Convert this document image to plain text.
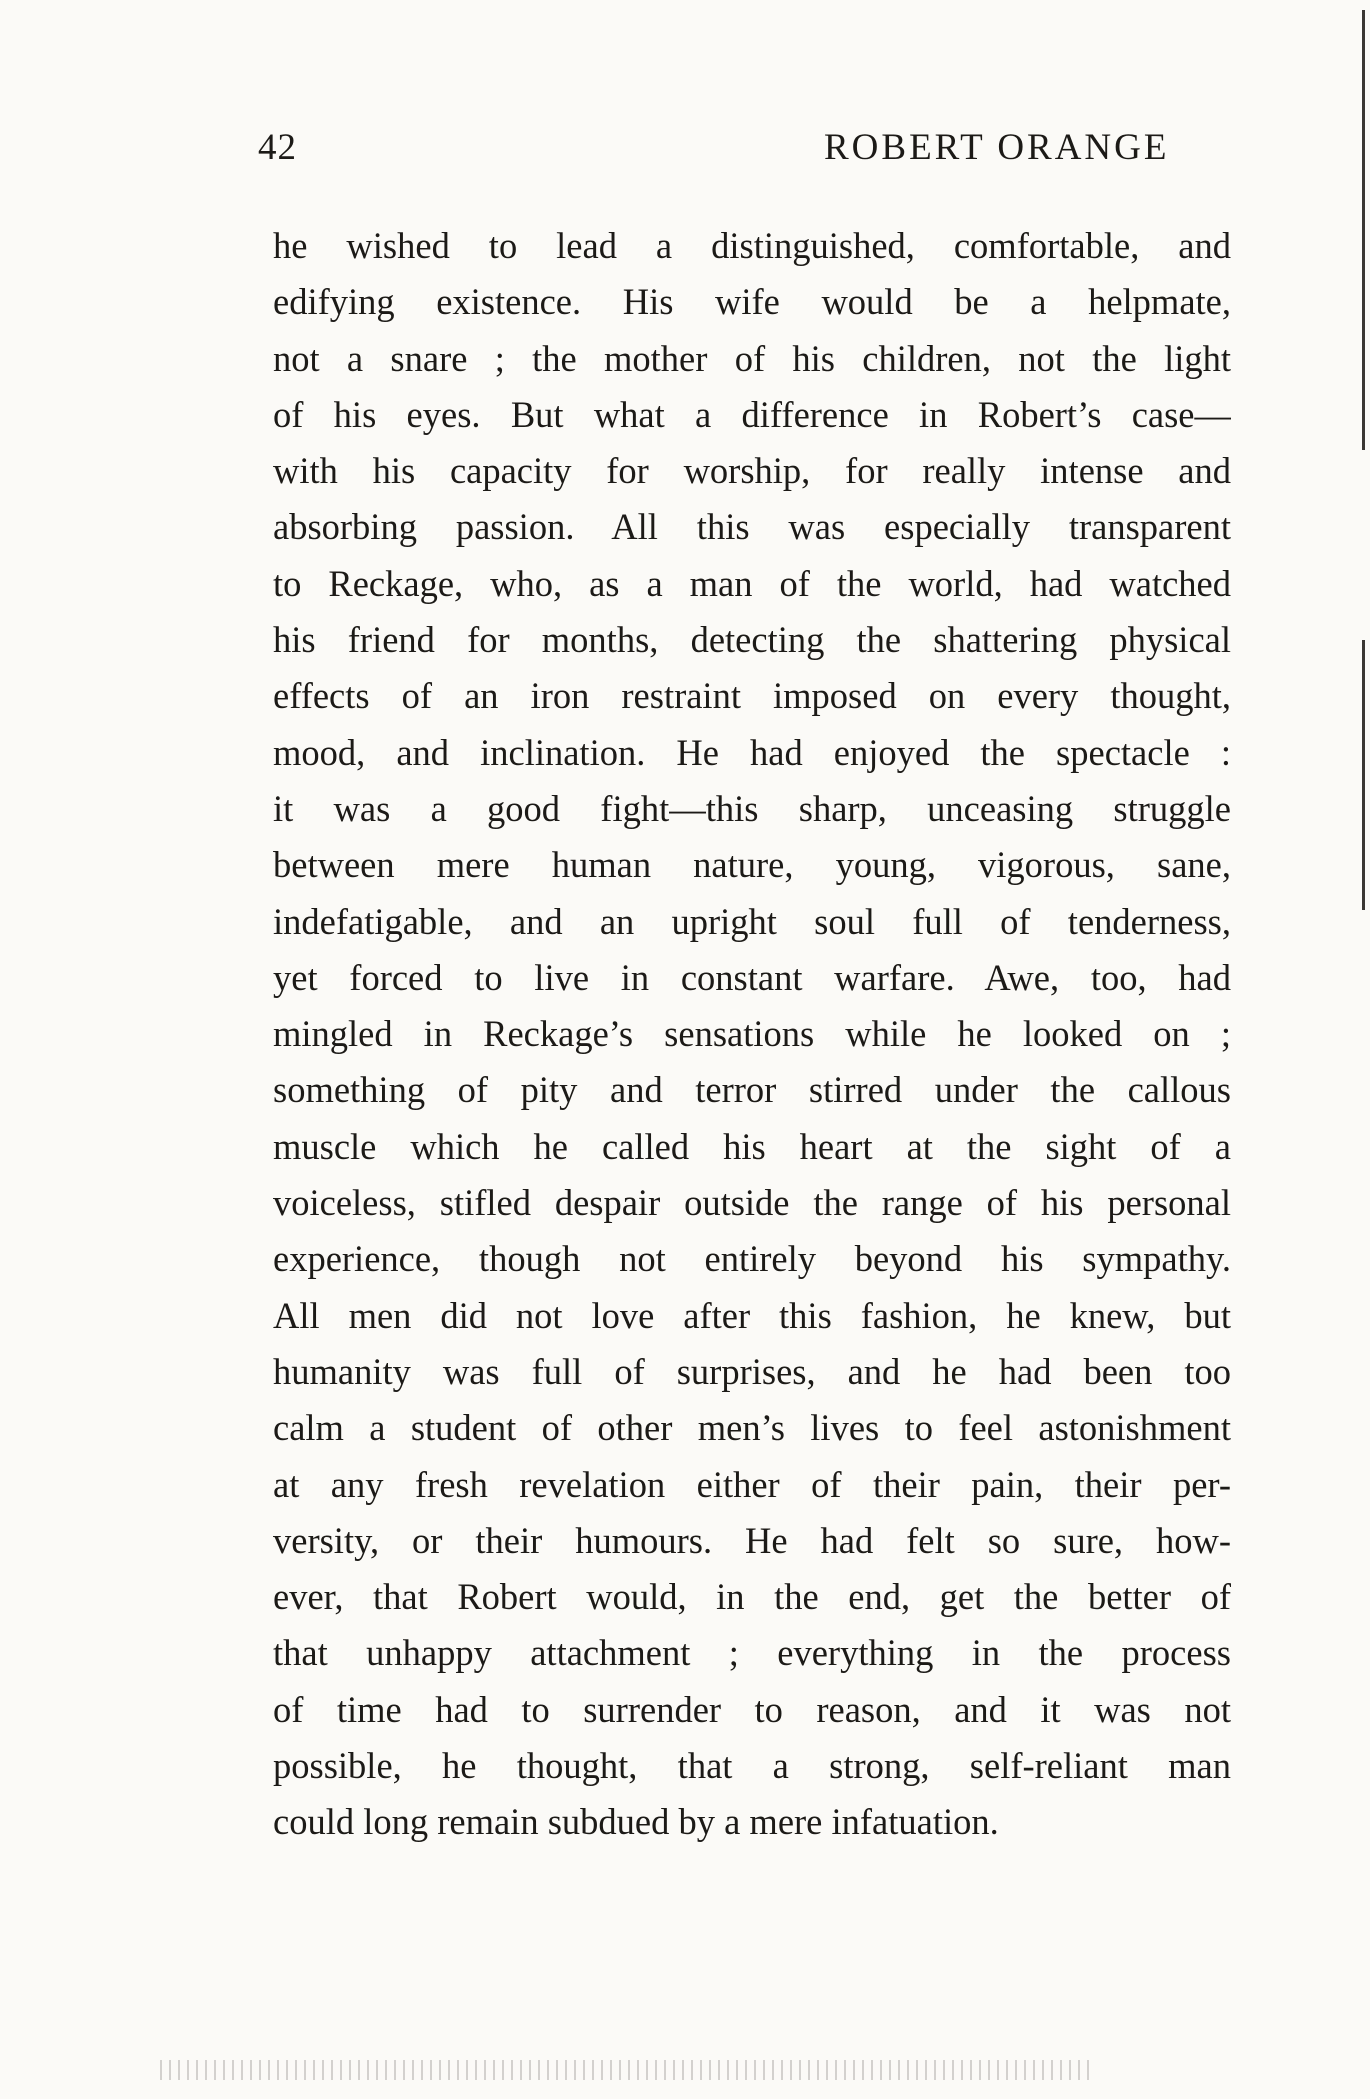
42	ROBERT ORANGE
he wished to lead a distinguished, comfortable, and
edifying existence. His wife would be a helpmate,
not a snare ; the mother of his children, not the light
of his eyes. But what a difference in Robert’s case—
with his capacity for worship, for really intense and
absorbing passion. All this was especially transparent
to Reckage, who, as a man of the world, had watched
his friend for months, detecting the shattering physical
effects of an iron restraint imposed on every thought,
mood, and inclination. He had enjoyed the spectacle :
it was a good fight—this sharp, unceasing struggle
between mere human nature, young, vigorous, sane,
indefatigable, and an upright soul full of tenderness,
yet forced to live in constant warfare. Awe, too, had
mingled in Reckage’s sensations while he looked on ;
something of pity and terror stirred under the callous
muscle which he called his heart at the sight of a
voiceless, stifled despair outside the range of his personal
experience, though not entirely beyond his sympathy.
All men did not love after this fashion, he knew, but
humanity was full of surprises, and he had been too
calm a student of other men’s lives to feel astonishment
at any fresh revelation either of their pain, their per-
versity, or their humours. He had felt so sure, how-
ever, that Robert would, in the end, get the better of
that unhappy attachment ; everything in the process
of time had to surrender to reason, and it was not
possible, he thought, that a strong, self-reliant man
could long remain subdued by a mere infatuation.
